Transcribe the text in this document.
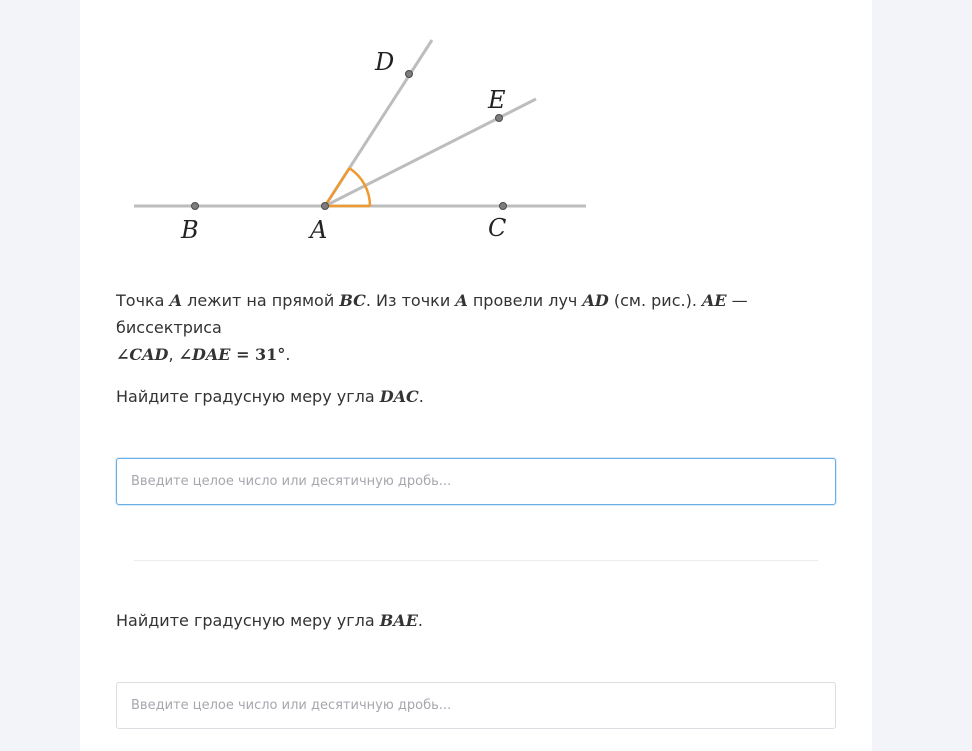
D
E
B	A	C
Точка A лежит на прямой BC. Из точки A провели луч AD (см. рис.). AE — биссектриса
∠CAD, ∠DAE = 31°.
Найдите градусную меру угла DAC.
Введите целое число или десятичную дробь...
Найдите градусную меру угла BAE.
Введите целое число или десятичную дробь...
